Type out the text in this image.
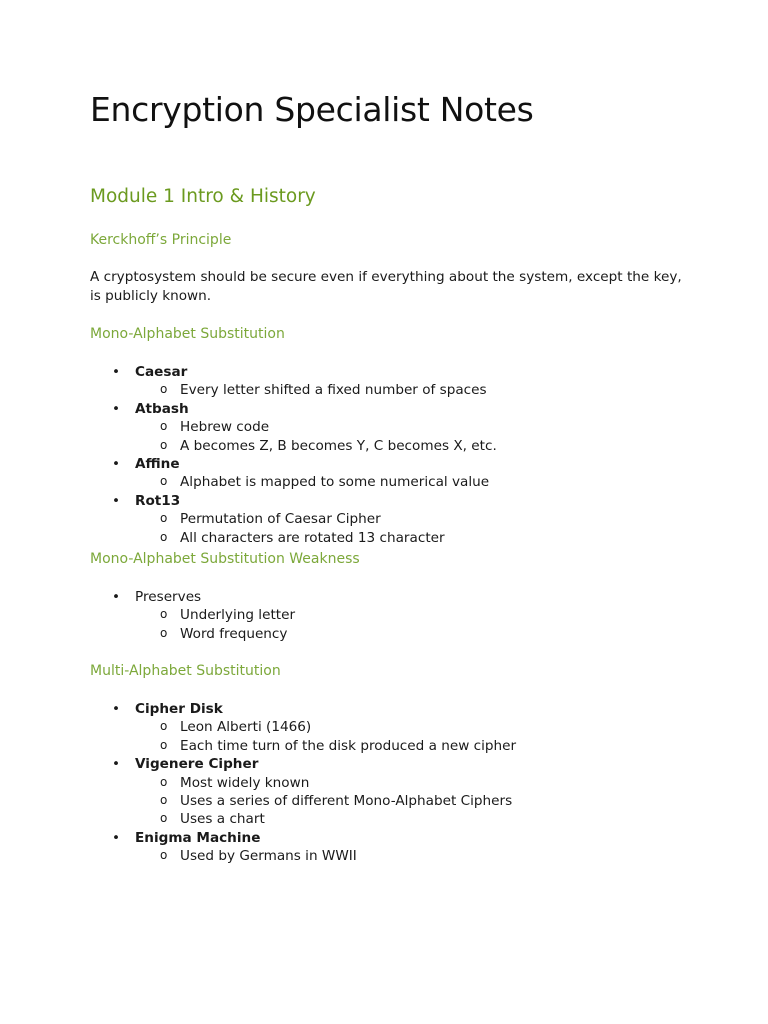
Encryption Specialist Notes
Module 1 Intro & History
Kerckhoff’s Principle

A cryptosystem should be secure even if everything about the system, except the key, is publicly known.

Mono-Alphabet Substitution
• Caesar
o Every letter shifted a fixed number of spaces
• Atbash
o Hebrew code
o A becomes Z, B becomes Y, C becomes X, etc.
• Affine
o Alphabet is mapped to some numerical value
• Rot13
o Permutation of Caesar Cipher
o All characters are rotated 13 character
Mono-Alphabet Substitution Weakness
• Preserves
o Underlying letter
o Word frequency
Multi-Alphabet Substitution
• Cipher Disk
o Leon Alberti (1466)
o Each time turn of the disk produced a new cipher
• Vigenere Cipher
o Most widely known
o Uses a series of different Mono-Alphabet Ciphers
o Uses a chart
• Enigma Machine
o Used by Germans in WWII
